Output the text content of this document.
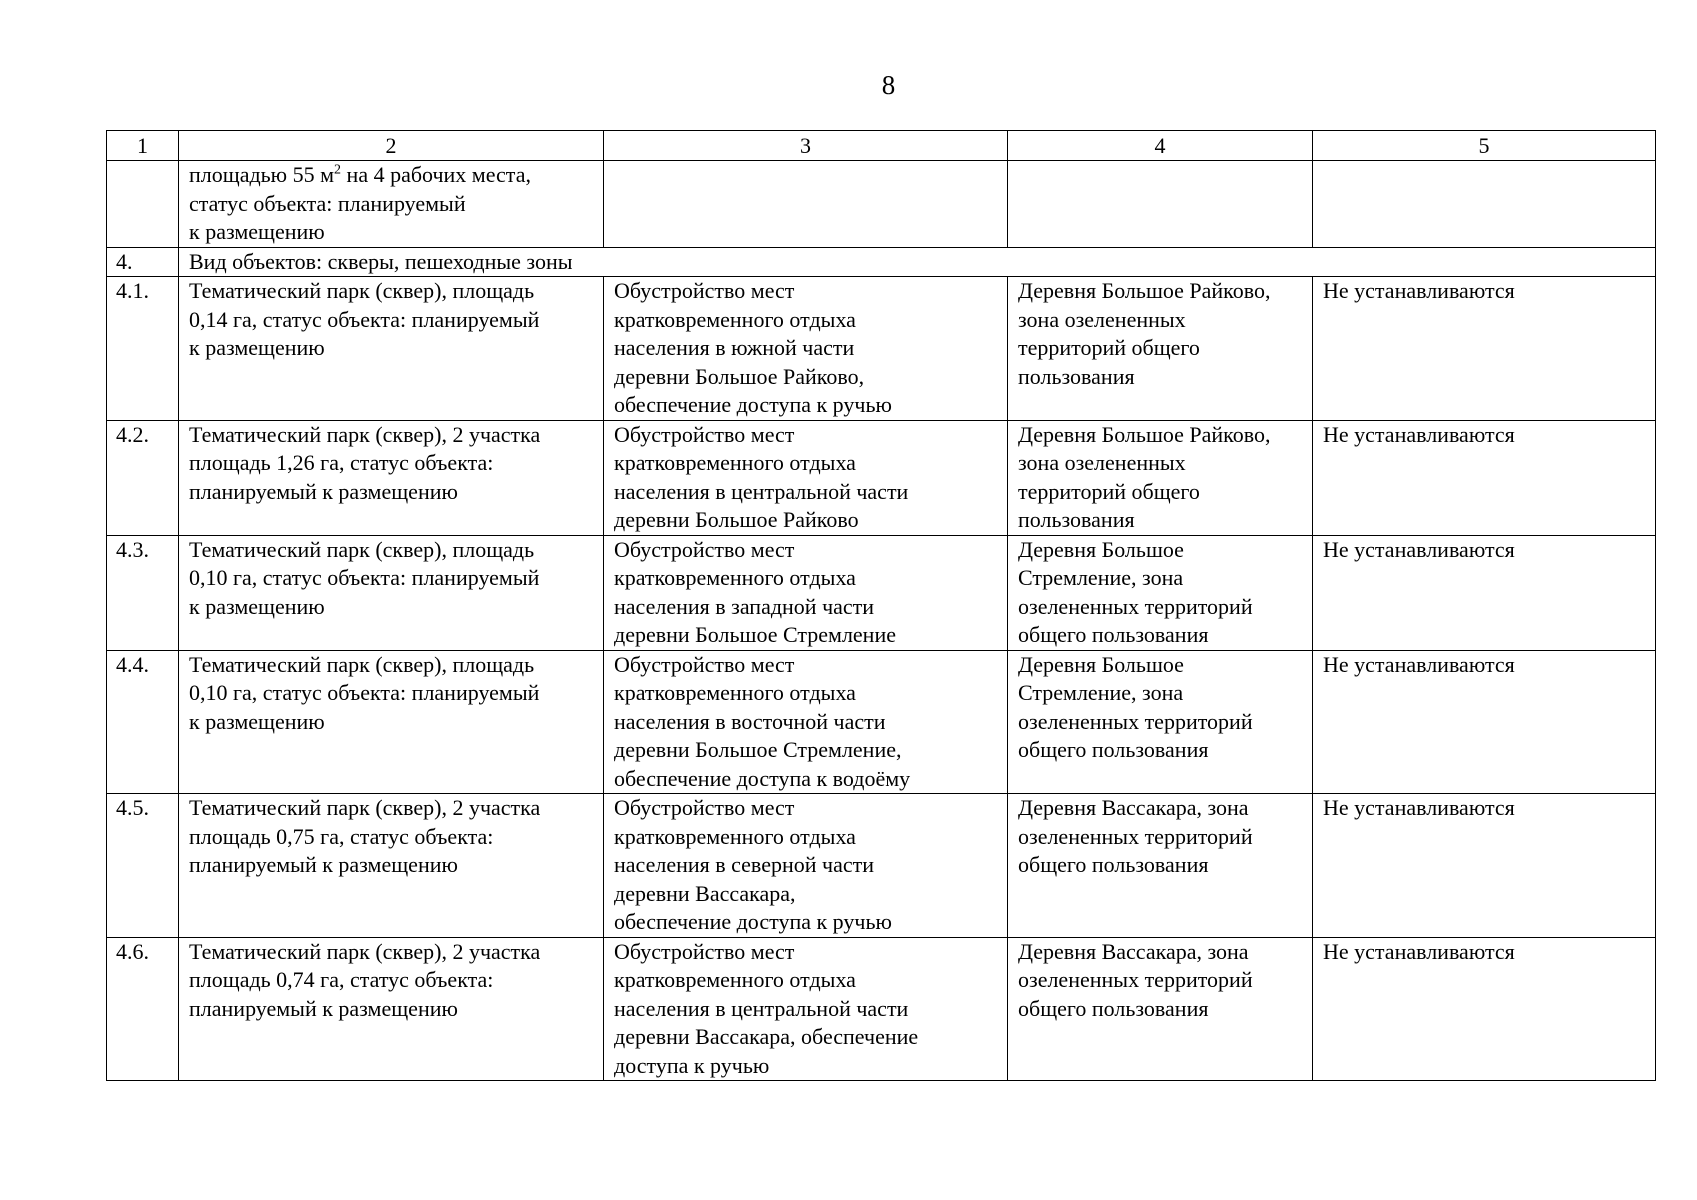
8
1	2	3	4	5
	площадью 55 $м^2$ на 4 рабочих места,
статус объекта: планируемый
к размещению			
4.	Вид объектов: скверы, пешеходные зоны			
4.1.	Тематический парк (сквер), площадь
0,14 га, статус объекта: планируемый
к размещению	Обустройство мест
кратковременного отдыха
населения в южной части
деревни Большое Райково,
обеспечение доступа к ручью	Деревня Большое Райково,
зона озелененных
территорий общего
пользования	Не устанавливаются
4.2.	Тематический парк (сквер), 2 участка
площадь 1,26 га, статус объекта:
планируемый к размещению	Обустройство мест
кратковременного отдыха
населения в центральной части
деревни Большое Райково	Деревня Большое Райково,
зона озелененных
территорий общего
пользования	Не устанавливаются
4.3.	Тематический парк (сквер), площадь
0,10 га, статус объекта: планируемый
к размещению	Обустройство мест
кратковременного отдыха
населения в западной части
деревни Большое Стремление	Деревня Большое
Стремление, зона
озелененных территорий
общего пользования	Не устанавливаются
4.4.	Тематический парк (сквер), площадь
0,10 га, статус объекта: планируемый
к размещению	Обустройство мест
кратковременного отдыха
населения в восточной части
деревни Большое Стремление,
обеспечение доступа к водоёму	Деревня Большое
Стремление, зона
озелененных территорий
общего пользования	Не устанавливаются
4.5.	Тематический парк (сквер), 2 участка
площадь 0,75 га, статус объекта:
планируемый к размещению	Обустройство мест
кратковременного отдыха
населения в северной части
деревни Вассакара,
обеспечение доступа к ручью	Деревня Вассакара, зона
озелененных территорий
общего пользования	Не устанавливаются
4.6.	Тематический парк (сквер), 2 участка
площадь 0,74 га, статус объекта:
планируемый к размещению	Обустройство мест
кратковременного отдыха
населения в центральной части
деревни Вассакара, обеспечение
доступа к ручью	Деревня Вассакара, зона
озелененных территорий
общего пользования	Не устанавливаются
